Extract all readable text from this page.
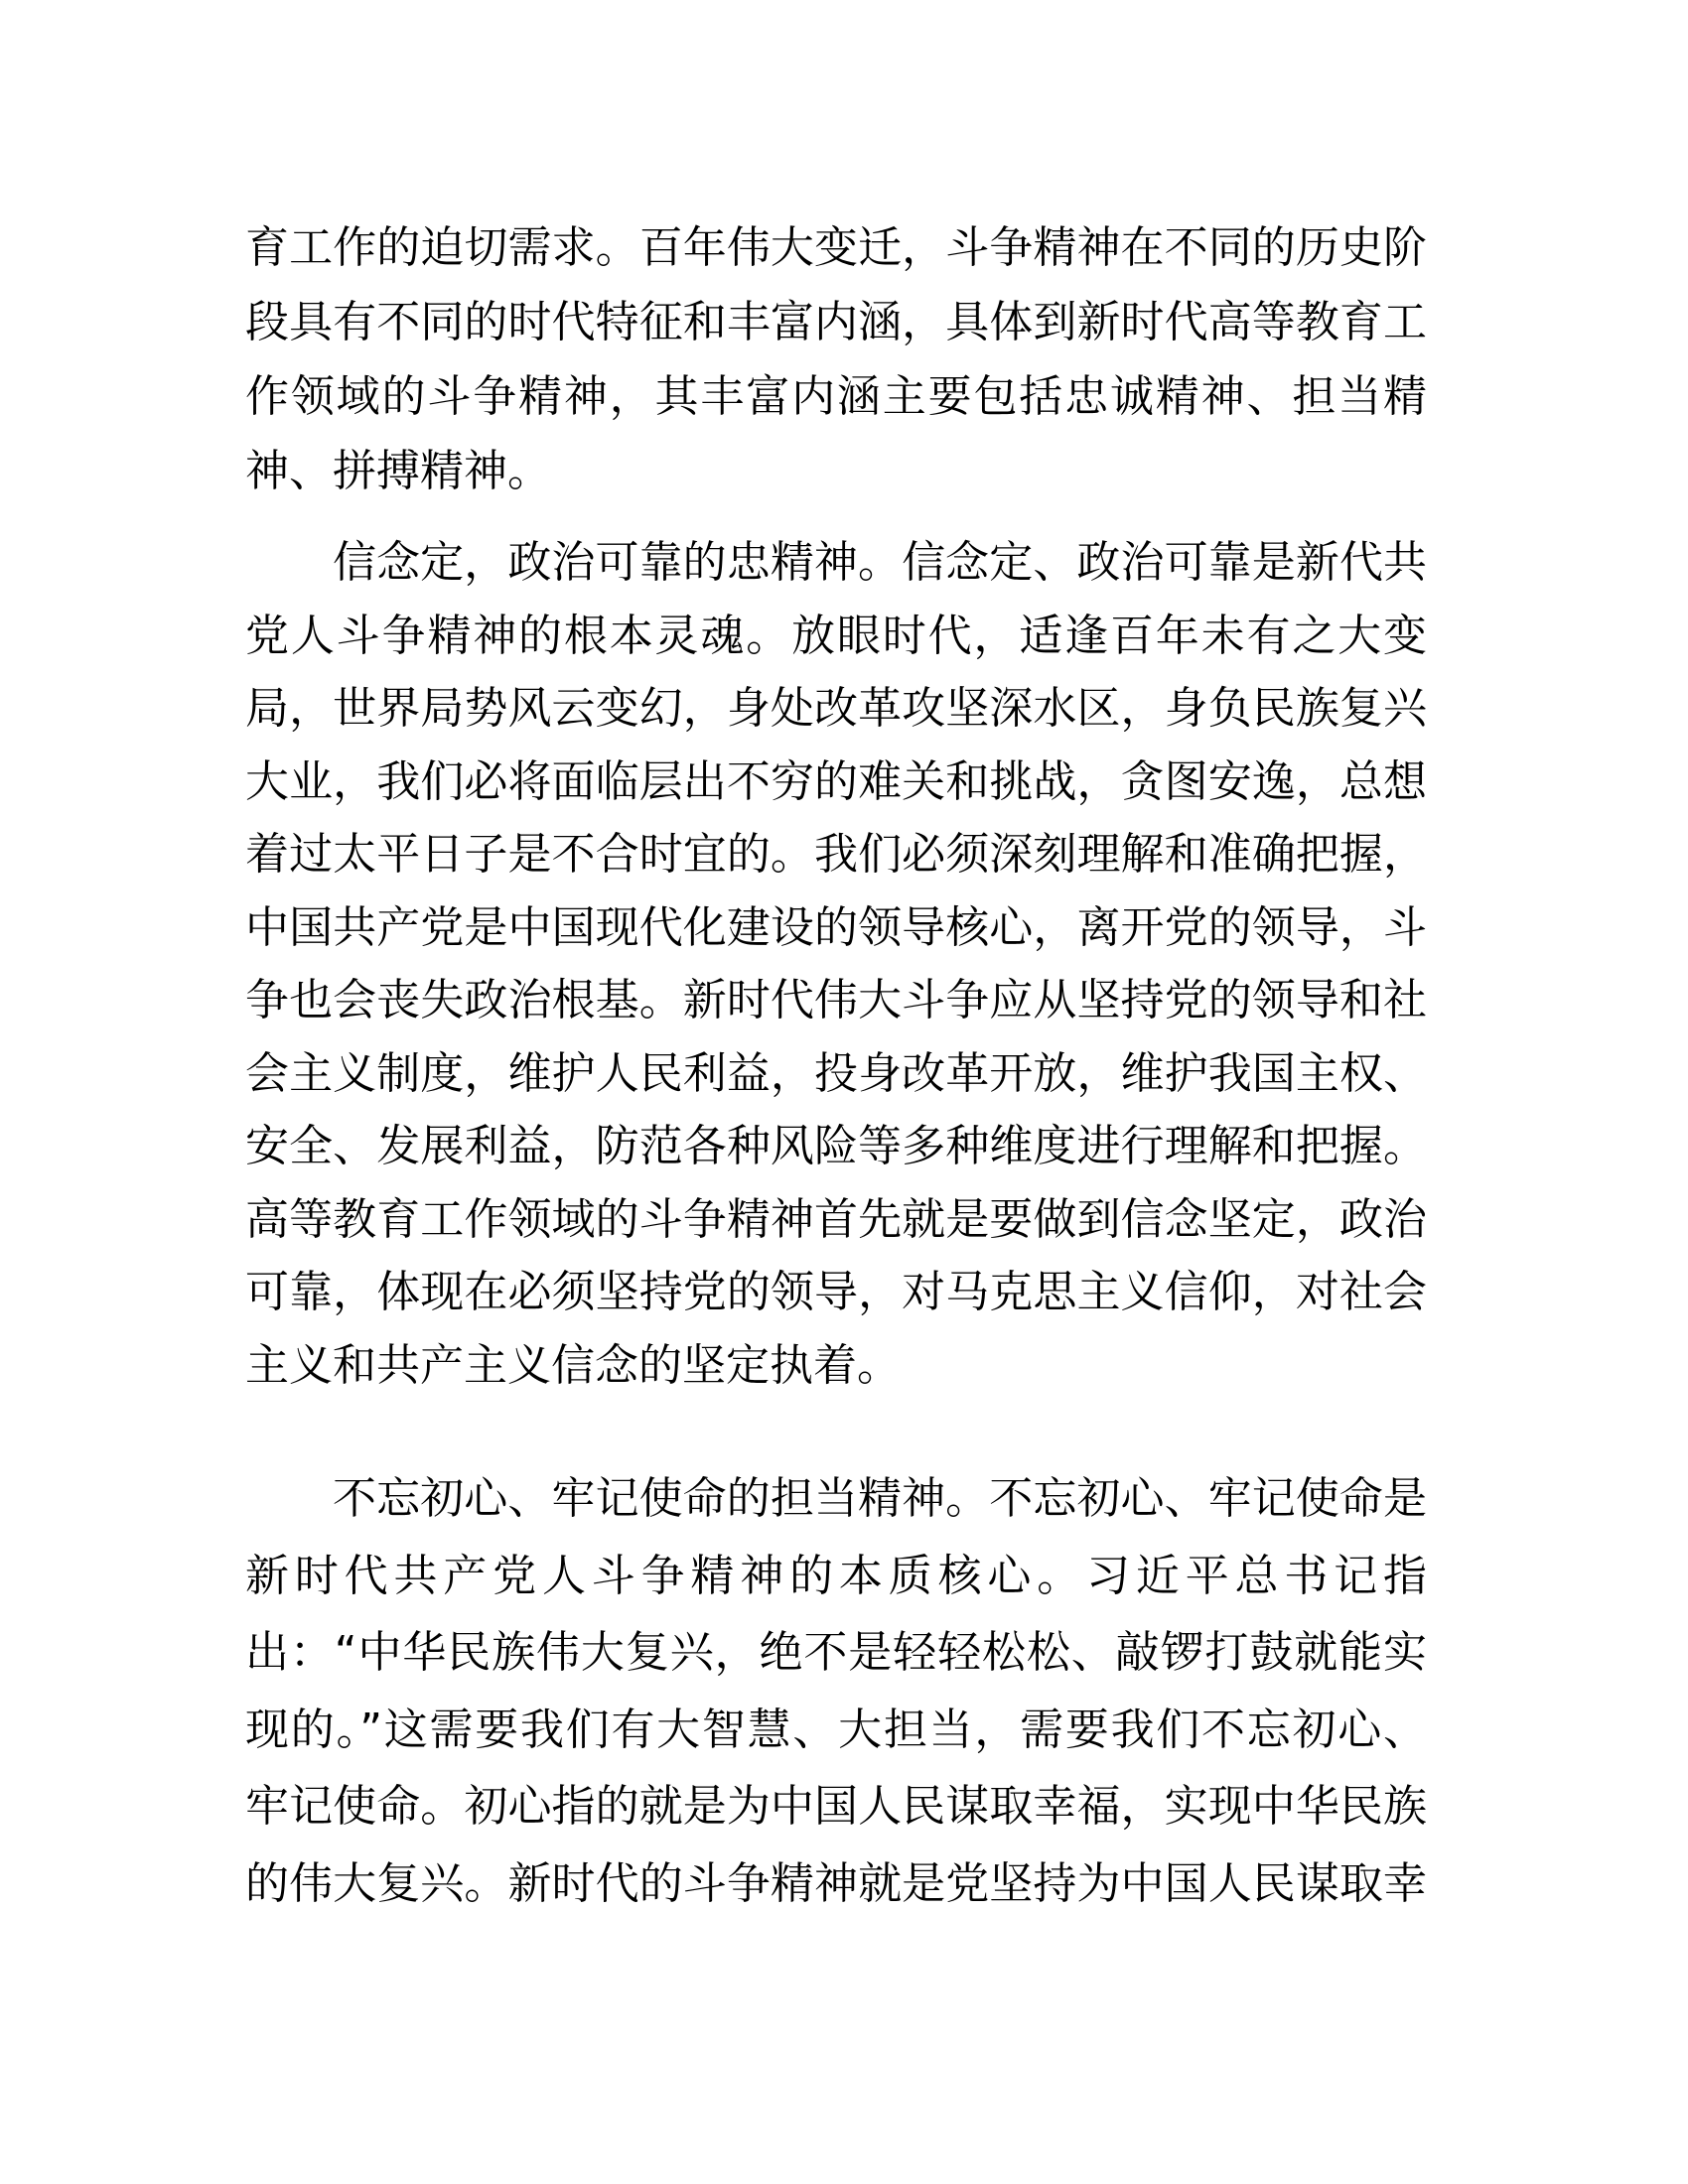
育工作的迫切需求。百年伟大变迁，斗争精神在不同的历史阶
段具有不同的时代特征和丰富内涵，具体到新时代高等教育工
作领域的斗争精神，其丰富内涵主要包括忠诚精神、担当精
神、拼搏精神。
信念定，政治可靠的忠精神。信念定、政治可靠是新代共
党人斗争精神的根本灵魂。放眼时代，适逢百年未有之大变
局，世界局势风云变幻，身处改革攻坚深水区，身负民族复兴
大业，我们必将面临层出不穷的难关和挑战，贪图安逸，总想
着过太平日子是不合时宜的。我们必须深刻理解和准确把握，
中国共产党是中国现代化建设的领导核心，离开党的领导，斗
争也会丧失政治根基。新时代伟大斗争应从坚持党的领导和社
会主义制度，维护人民利益，投身改革开放，维护我国主权、
安全、发展利益，防范各种风险等多种维度进行理解和把握。
高等教育工作领域的斗争精神首先就是要做到信念坚定，政治
可靠，体现在必须坚持党的领导，对马克思主义信仰，对社会
主义和共产主义信念的坚定执着。
不忘初心、牢记使命的担当精神。不忘初心、牢记使命是
新时代共产党人斗争精神的本质核心。习近平总书记指
出：“中华民族伟大复兴，绝不是轻轻松松、敲锣打鼓就能实
现的。”这需要我们有大智慧、大担当，需要我们不忘初心、
牢记使命。初心指的就是为中国人民谋取幸福，实现中华民族
的伟大复兴。新时代的斗争精神就是党坚持为中国人民谋取幸
